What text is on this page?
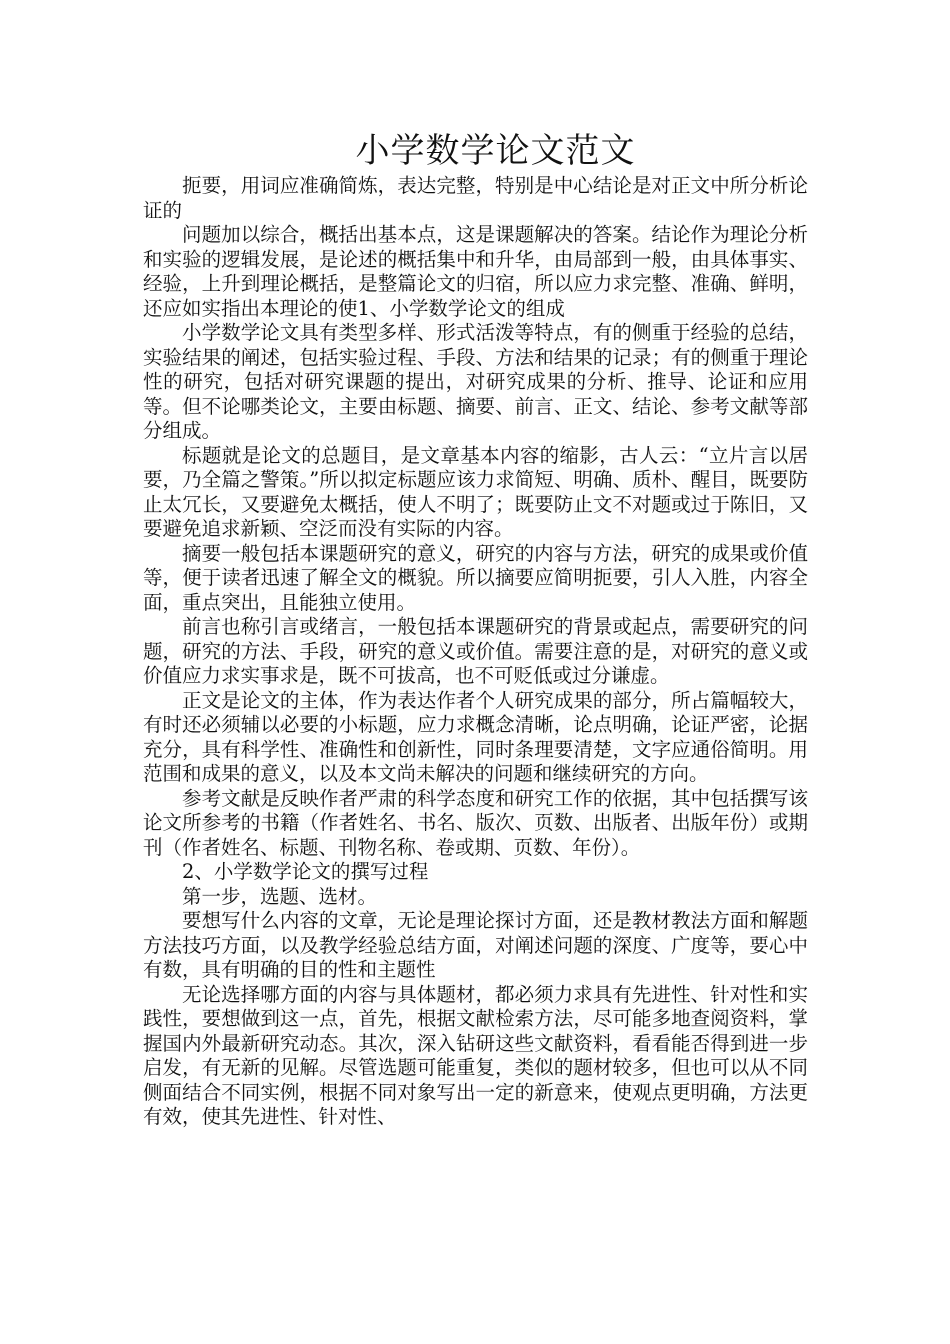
小学数学论文范文

扼要，用词应准确简炼，表达完整，特别是中心结论是对正文中所分析论证的

问题加以综合，概括出基本点，这是课题解决的答案。结论作为理论分析和实验的逻辑发展，是论述的概括集中和升华，由局部到一般，由具体事实、经验，上升到理论概括，是整篇论文的归宿，所以应力求完整、准确、鲜明，还应如实指出本理论的使1、小学数学论文的组成

小学数学论文具有类型多样、形式活泼等特点，有的侧重于经验的总结，实验结果的阐述，包括实验过程、手段、方法和结果的记录；有的侧重于理论性的研究，包括对研究课题的提出，对研究成果的分析、推导、论证和应用等。但不论哪类论文，主要由标题、摘要、前言、正文、结论、参考文献等部分组成。

标题就是论文的总题目，是文章基本内容的缩影，古人云：“立片言以居要，乃全篇之警策。”所以拟定标题应该力求简短、明确、质朴、醒目，既要防止太冗长，又要避免太概括，使人不明了；既要防止文不对题或过于陈旧，又要避免追求新颖、空泛而没有实际的内容。

摘要一般包括本课题研究的意义，研究的内容与方法，研究的成果或价值等，便于读者迅速了解全文的概貌。所以摘要应简明扼要，引人入胜，内容全面，重点突出，且能独立使用。

前言也称引言或绪言，一般包括本课题研究的背景或起点，需要研究的问题，研究的方法、手段，研究的意义或价值。需要注意的是，对研究的意义或价值应力求实事求是，既不可拔高，也不可贬低或过分谦虚。

正文是论文的主体，作为表达作者个人研究成果的部分，所占篇幅较大，有时还必须辅以必要的小标题，应力求概念清晰，论点明确，论证严密，论据充分，具有科学性、准确性和创新性，同时条理要清楚，文字应通俗简明。用范围和成果的意义，以及本文尚未解决的问题和继续研究的方向。

参考文献是反映作者严肃的科学态度和研究工作的依据，其中包括撰写该论文所参考的书籍（作者姓名、书名、版次、页数、出版者、出版年份）或期刊（作者姓名、标题、刊物名称、卷或期、页数、年份）。

2、小学数学论文的撰写过程

第一步，选题、选材。

要想写什么内容的文章，无论是理论探讨方面，还是教材教法方面和解题方法技巧方面，以及教学经验总结方面，对阐述问题的深度、广度等，要心中有数，具有明确的目的性和主题性

无论选择哪方面的内容与具体题材，都必须力求具有先进性、针对性和实践性，要想做到这一点，首先，根据文献检索方法，尽可能多地查阅资料，掌握国内外最新研究动态。其次，深入钻研这些文献资料，看看能否得到进一步启发，有无新的见解。尽管选题可能重复，类似的题材较多，但也可以从不同侧面结合不同实例，根据不同对象写出一定的新意来，使观点更明确，方法更有效，使其先进性、针对性、
